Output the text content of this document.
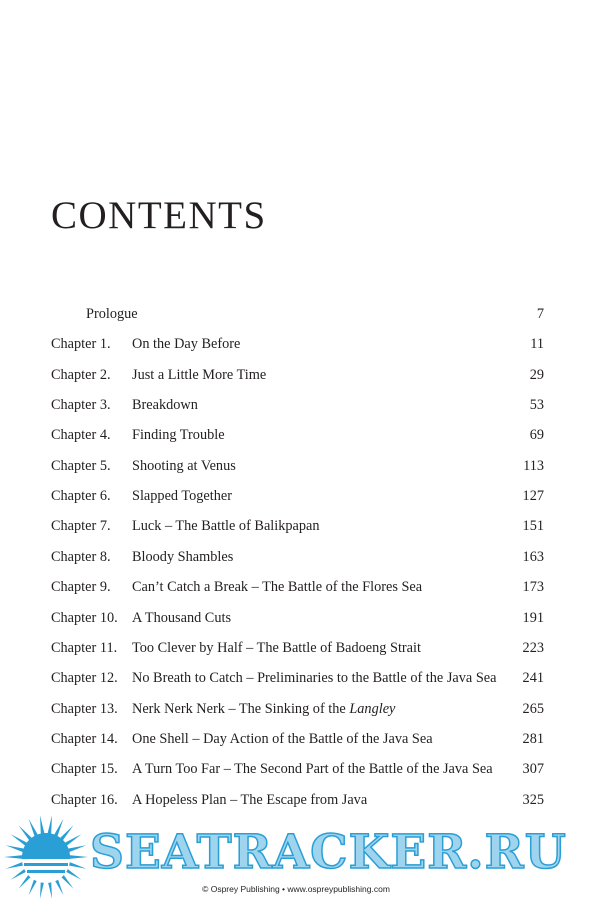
CONTENTS
Prologue	7
Chapter 1. On the Day Before	11
Chapter 2. Just a Little More Time	29
Chapter 3. Breakdown	53
Chapter 4. Finding Trouble	69
Chapter 5. Shooting at Venus	113
Chapter 6. Slapped Together	127
Chapter 7. Luck – The Battle of Balikpapan	151
Chapter 8. Bloody Shambles	163
Chapter 9. Can’t Catch a Break – The Battle of the Flores Sea	173
Chapter 10. A Thousand Cuts	191
Chapter 11. Too Clever by Half – The Battle of Badoeng Strait	223
Chapter 12. No Breath to Catch – Preliminaries to the Battle of the Java Sea 241
Chapter 13. Nerk Nerk Nerk – The Sinking of the Langley	265
Chapter 14. One Shell – Day Action of the Battle of the Java Sea	281
Chapter 15. A Turn Too Far – The Second Part of the Battle of the Java Sea 307
Chapter 16. A Hopeless Plan – The Escape from Java	325
SEATRACKER.RU
© Osprey Publishing • www.ospreypublishing.com
